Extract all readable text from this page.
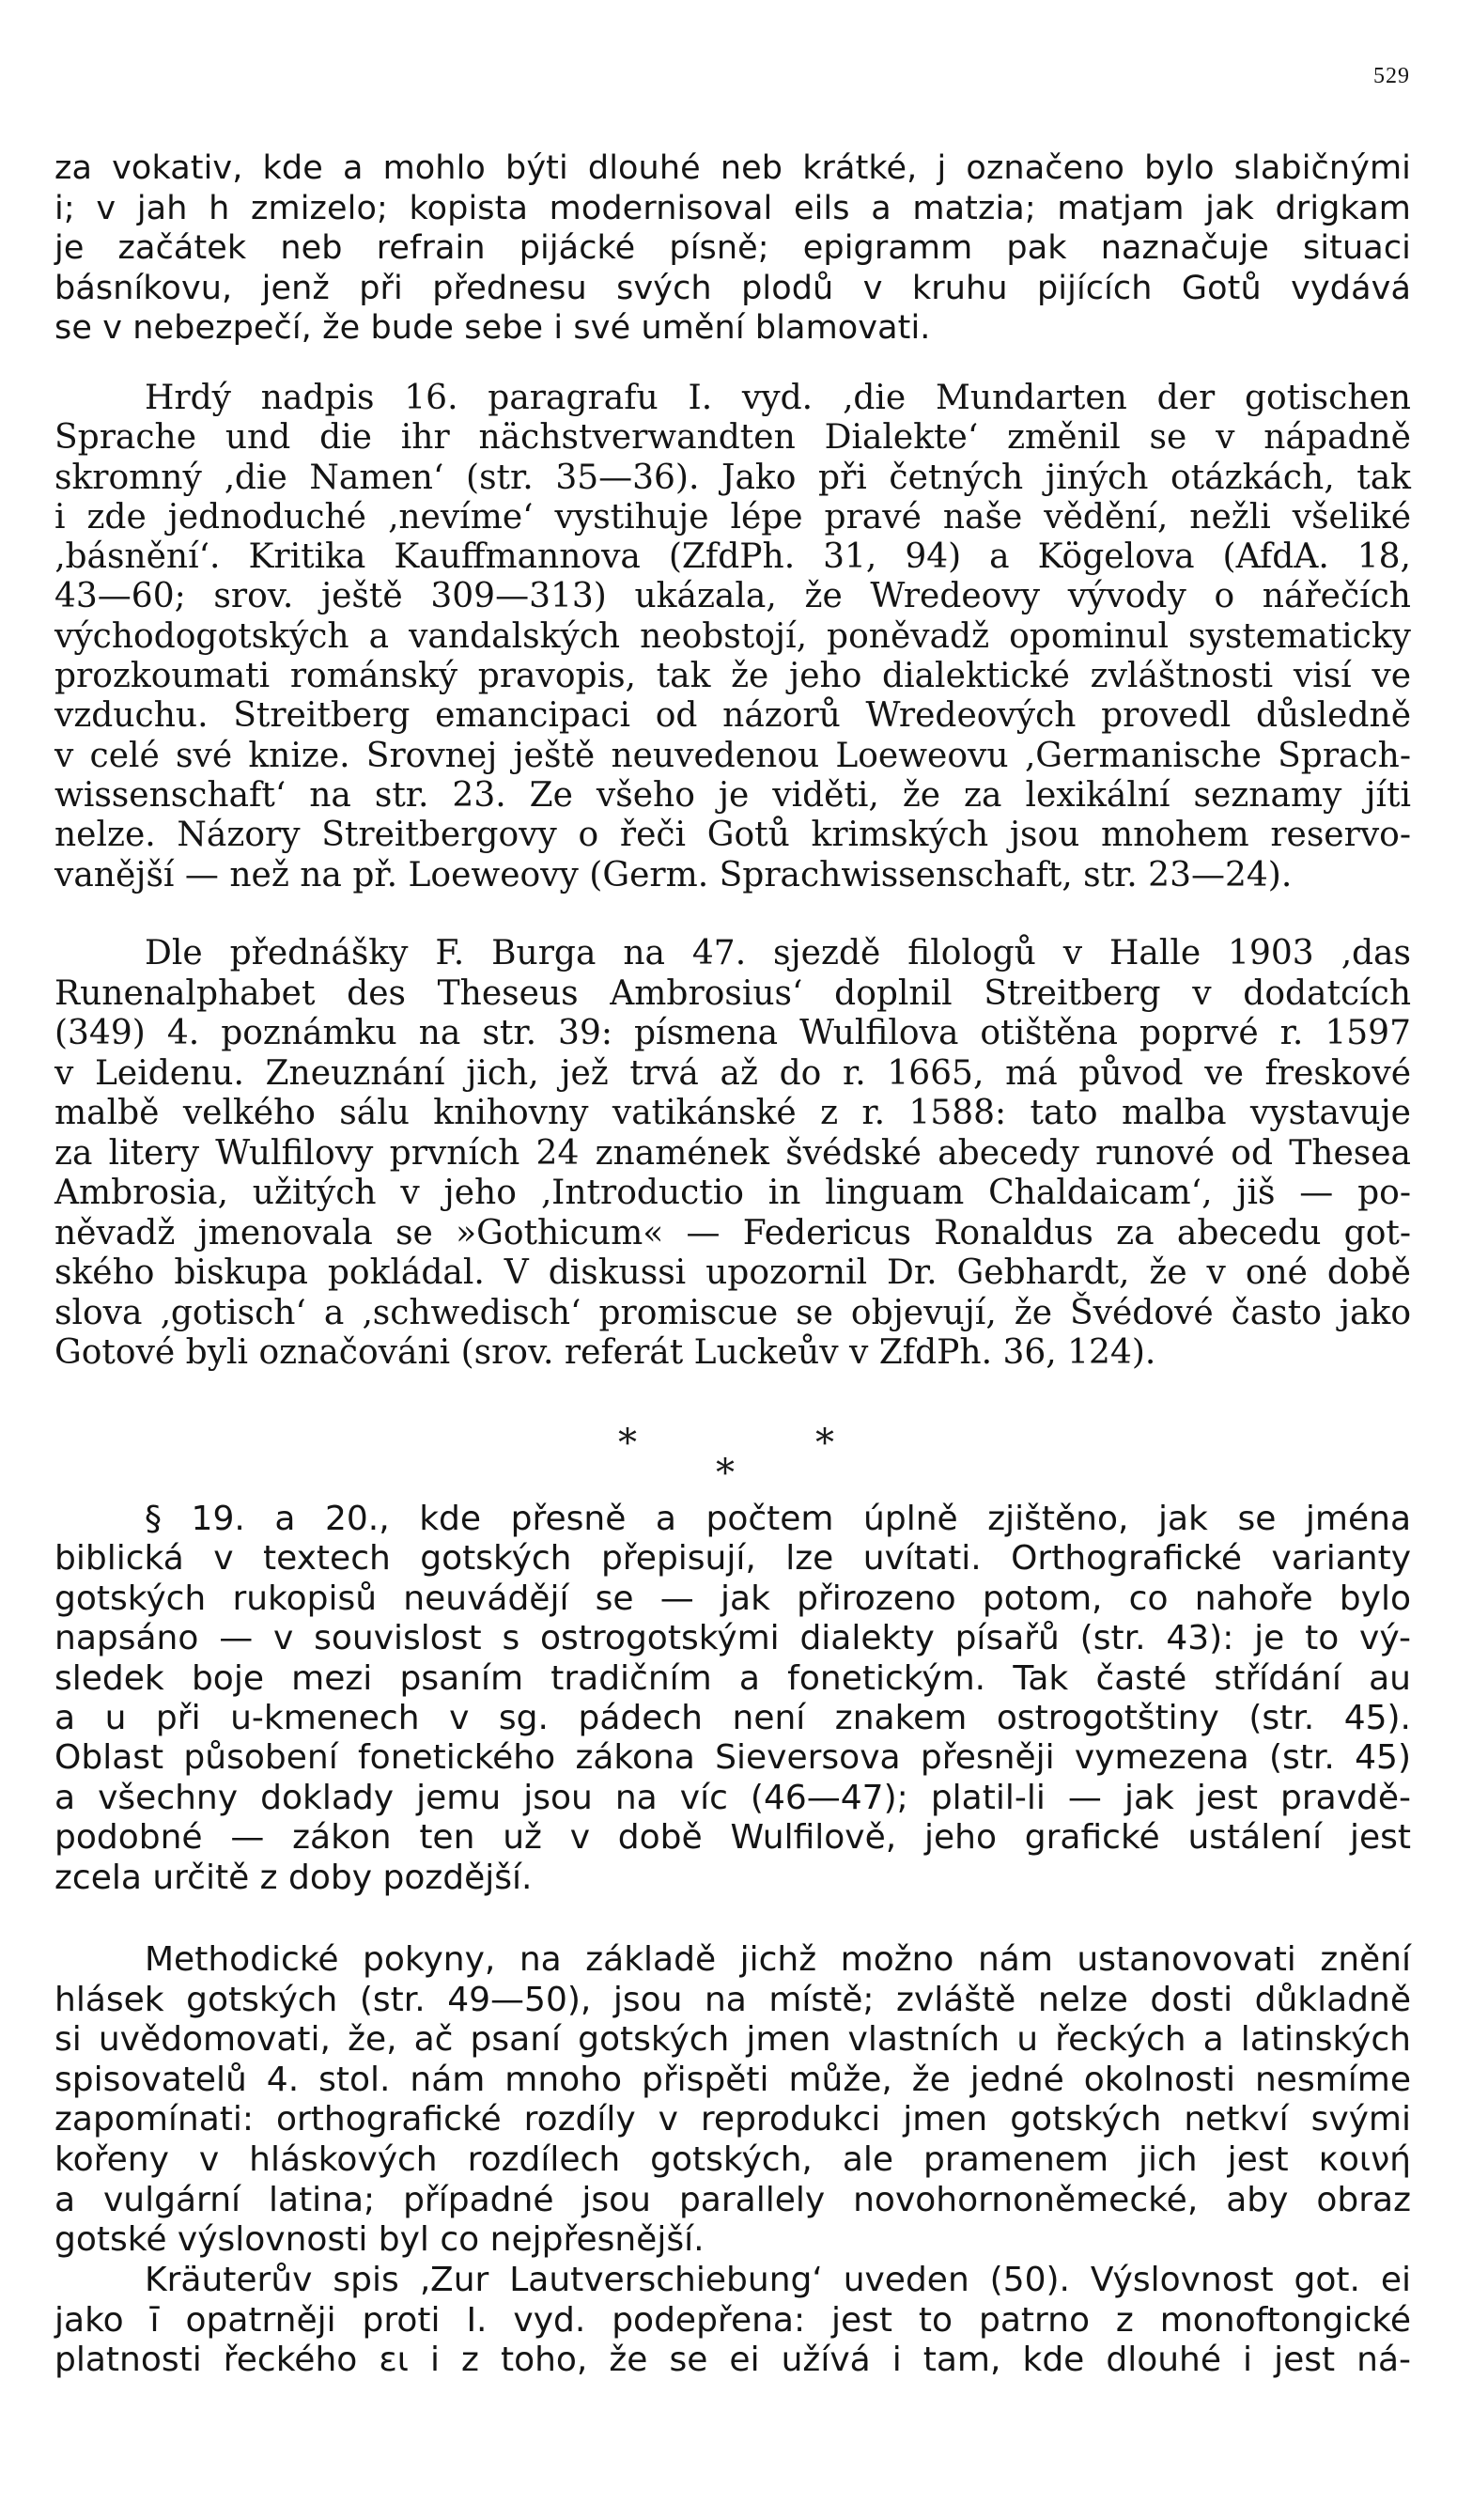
529
za vokativ, kde a mohlo býti dlouhé neb krátké, j označeno bylo slabičnými
i; v jah h zmizelo; kopista modernisoval eils a matzia; matjam jak drigkam
je začátek neb refrain pijácké písně; epigramm pak naznačuje situaci
básníkovu, jenž při přednesu svých plodů v kruhu pijících Gotů vydává
se v nebezpečí, že bude sebe i své umění blamovati.
Hrdý nadpis 16. paragrafu I. vyd. ‚die Mundarten der gotischen
Sprache und die ihr nächstverwandten Dialekte‘ změnil se v nápadně
skromný ‚die Namen‘ (str. 35—36). Jako při četných jiných otázkách, tak
i zde jednoduché ‚nevíme‘ vystihuje lépe pravé naše vědění, nežli všeliké
‚básnění‘. Kritika Kauffmannova (ZfdPh. 31, 94) a Kögelova (AfdA. 18,
43—60; srov. ještě 309—313) ukázala, že Wredeovy vývody o nářečích
východogotských a vandalských neobstojí, poněvadž opominul systematicky
prozkoumati románský pravopis, tak že jeho dialektické zvláštnosti visí ve
vzduchu. Streitberg emancipaci od názorů Wredeových provedl důsledně
v celé své knize. Srovnej ještě neuvedenou Loeweovu ‚Germanische Sprach-
wissenschaft‘ na str. 23. Ze všeho je viděti, že za lexikální seznamy jíti
nelze. Názory Streitbergovy o řeči Gotů krimských jsou mnohem reservo-
vanější — než na př. Loeweovy (Germ. Sprachwissenschaft, str. 23—24).
Dle přednášky F. Burga na 47. sjezdě filologů v Halle 1903 ‚das
Runenalphabet des Theseus Ambrosius‘ doplnil Streitberg v dodatcích
(349) 4. poznámku na str. 39: písmena Wulfilova otištěna poprvé r. 1597
v Leidenu. Zneuznání jich, jež trvá až do r. 1665, má původ ve freskové
malbě velkého sálu knihovny vatikánské z r. 1588: tato malba vystavuje
za litery Wulfilovy prvních 24 znamének švédské abecedy runové od Thesea
Ambrosia, užitých v jeho ‚Introductio in linguam Chaldaicam‘, jiš — po-
něvadž jmenovala se »Gothicum« — Federicus Ronaldus za abecedu got-
ského biskupa pokládal. V diskussi upozornil Dr. Gebhardt, že v oné době
slova ‚gotisch‘ a ‚schwedisch‘ promiscue se objevují, že Švédové často jako
Gotové byli označováni (srov. referát Luckeův v ZfdPh. 36, 124).
*	*
*
§ 19. a 20., kde přesně a počtem úplně zjištěno, jak se jména
biblická v textech gotských přepisují, lze uvítati. Orthografické varianty
gotských rukopisů neuvádějí se — jak přirozeno potom, co nahoře bylo
napsáno — v souvislost s ostrogotskými dialekty písařů (str. 43): je to vý-
sledek boje mezi psaním tradičním a fonetickým. Tak časté střídání au
a u při u-kmenech v sg. pádech není znakem ostrogotštiny (str. 45).
Oblast působení fonetického zákona Sieversova přesněji vymezena (str. 45)
a všechny doklady jemu jsou na víc (46—47); platil-li — jak jest pravdě-
podobné — zákon ten už v době Wulfilově, jeho grafické ustálení jest
zcela určitě z doby pozdější.
Methodické pokyny, na základě jichž možno nám ustanovovati znění
hlásek gotských (str. 49—50), jsou na místě; zvláště nelze dosti důkladně
si uvědomovati, že, ač psaní gotských jmen vlastních u řeckých a latinských
spisovatelů 4. stol. nám mnoho přispěti může, že jedné okolnosti nesmíme
zapomínati: orthografické rozdíly v reprodukci jmen gotských netkví svými
kořeny v hláskových rozdílech gotských, ale pramenem jich jest κοινή
a vulgární latina; případné jsou parallely novohornoněmecké, aby obraz
gotské výslovnosti byl co nejpřesnější.
Kräuterův spis ‚Zur Lautverschiebung‘ uveden (50). Výslovnost got. ei
jako ī opatrněji proti I. vyd. podepřena: jest to patrno z monoftongické
platnosti řeckého ει i z toho, že se ei užívá i tam, kde dlouhé i jest ná-
